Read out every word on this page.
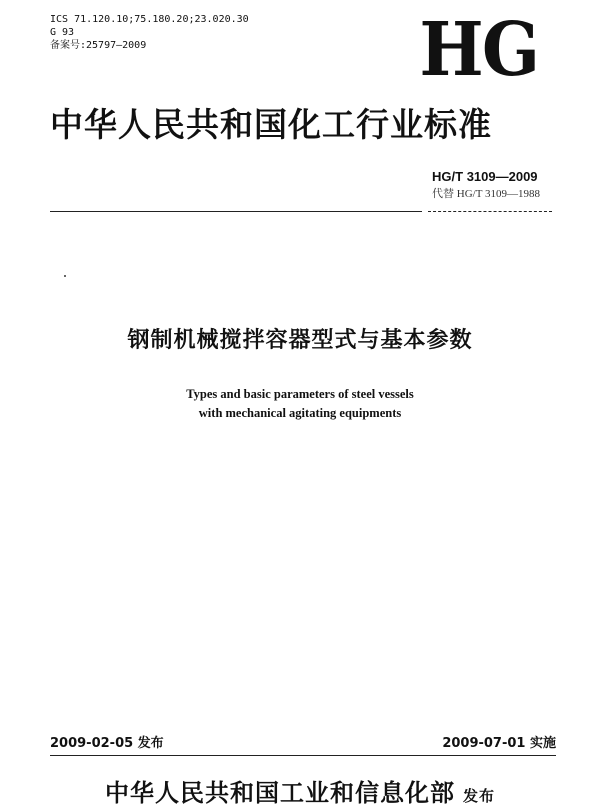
ICS 71.120.10;75.180.20;23.020.30
G 93
备案号:25797—2009	HG
中华人民共和国化工行业标准
HG/T 3109—2009
代替 HG/T 3109—1988
钢制机械搅拌容器型式与基本参数
Types and basic parameters of steel vessels
with mechanical agitating equipments
2009-02-05 发布	2009-07-01 实施
中华人民共和国工业和信息化部 发布
